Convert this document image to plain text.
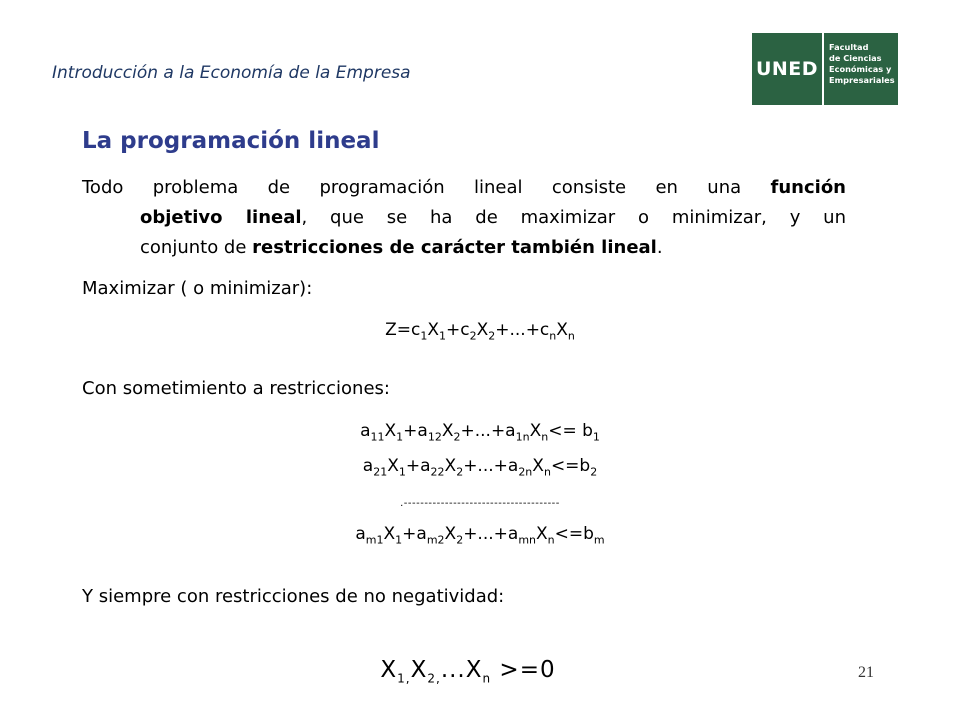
Introducción a la Economía de la Empresa	UNED
Facultad
de Ciencias
Económicas y
Empresariales
La programación lineal
Todo problema de programación lineal consiste en una función
objetivo lineal, que se ha de maximizar o minimizar, y un
conjunto de restricciones de carácter también lineal.

Maximizar ( o minimizar):

$Z=c_1X_1+c_2X_2+...+c_nX_n$

Con sometimiento a restricciones:

$a_{11}X_1+a_{12}X_2+...+a_{1n}X_n<= b_1$

$a_{21}X_1+a_{22}X_2+...+a_{2n}X_n<=b_2$

.--------------------------------------

$a_{m1}X_1+a_{m2}X_2+...+a_{mn}X_n<=b_m$

Y siempre con restricciones de no negatividad:

$X_{1,}X_{2,}...X_n >=0$	21
